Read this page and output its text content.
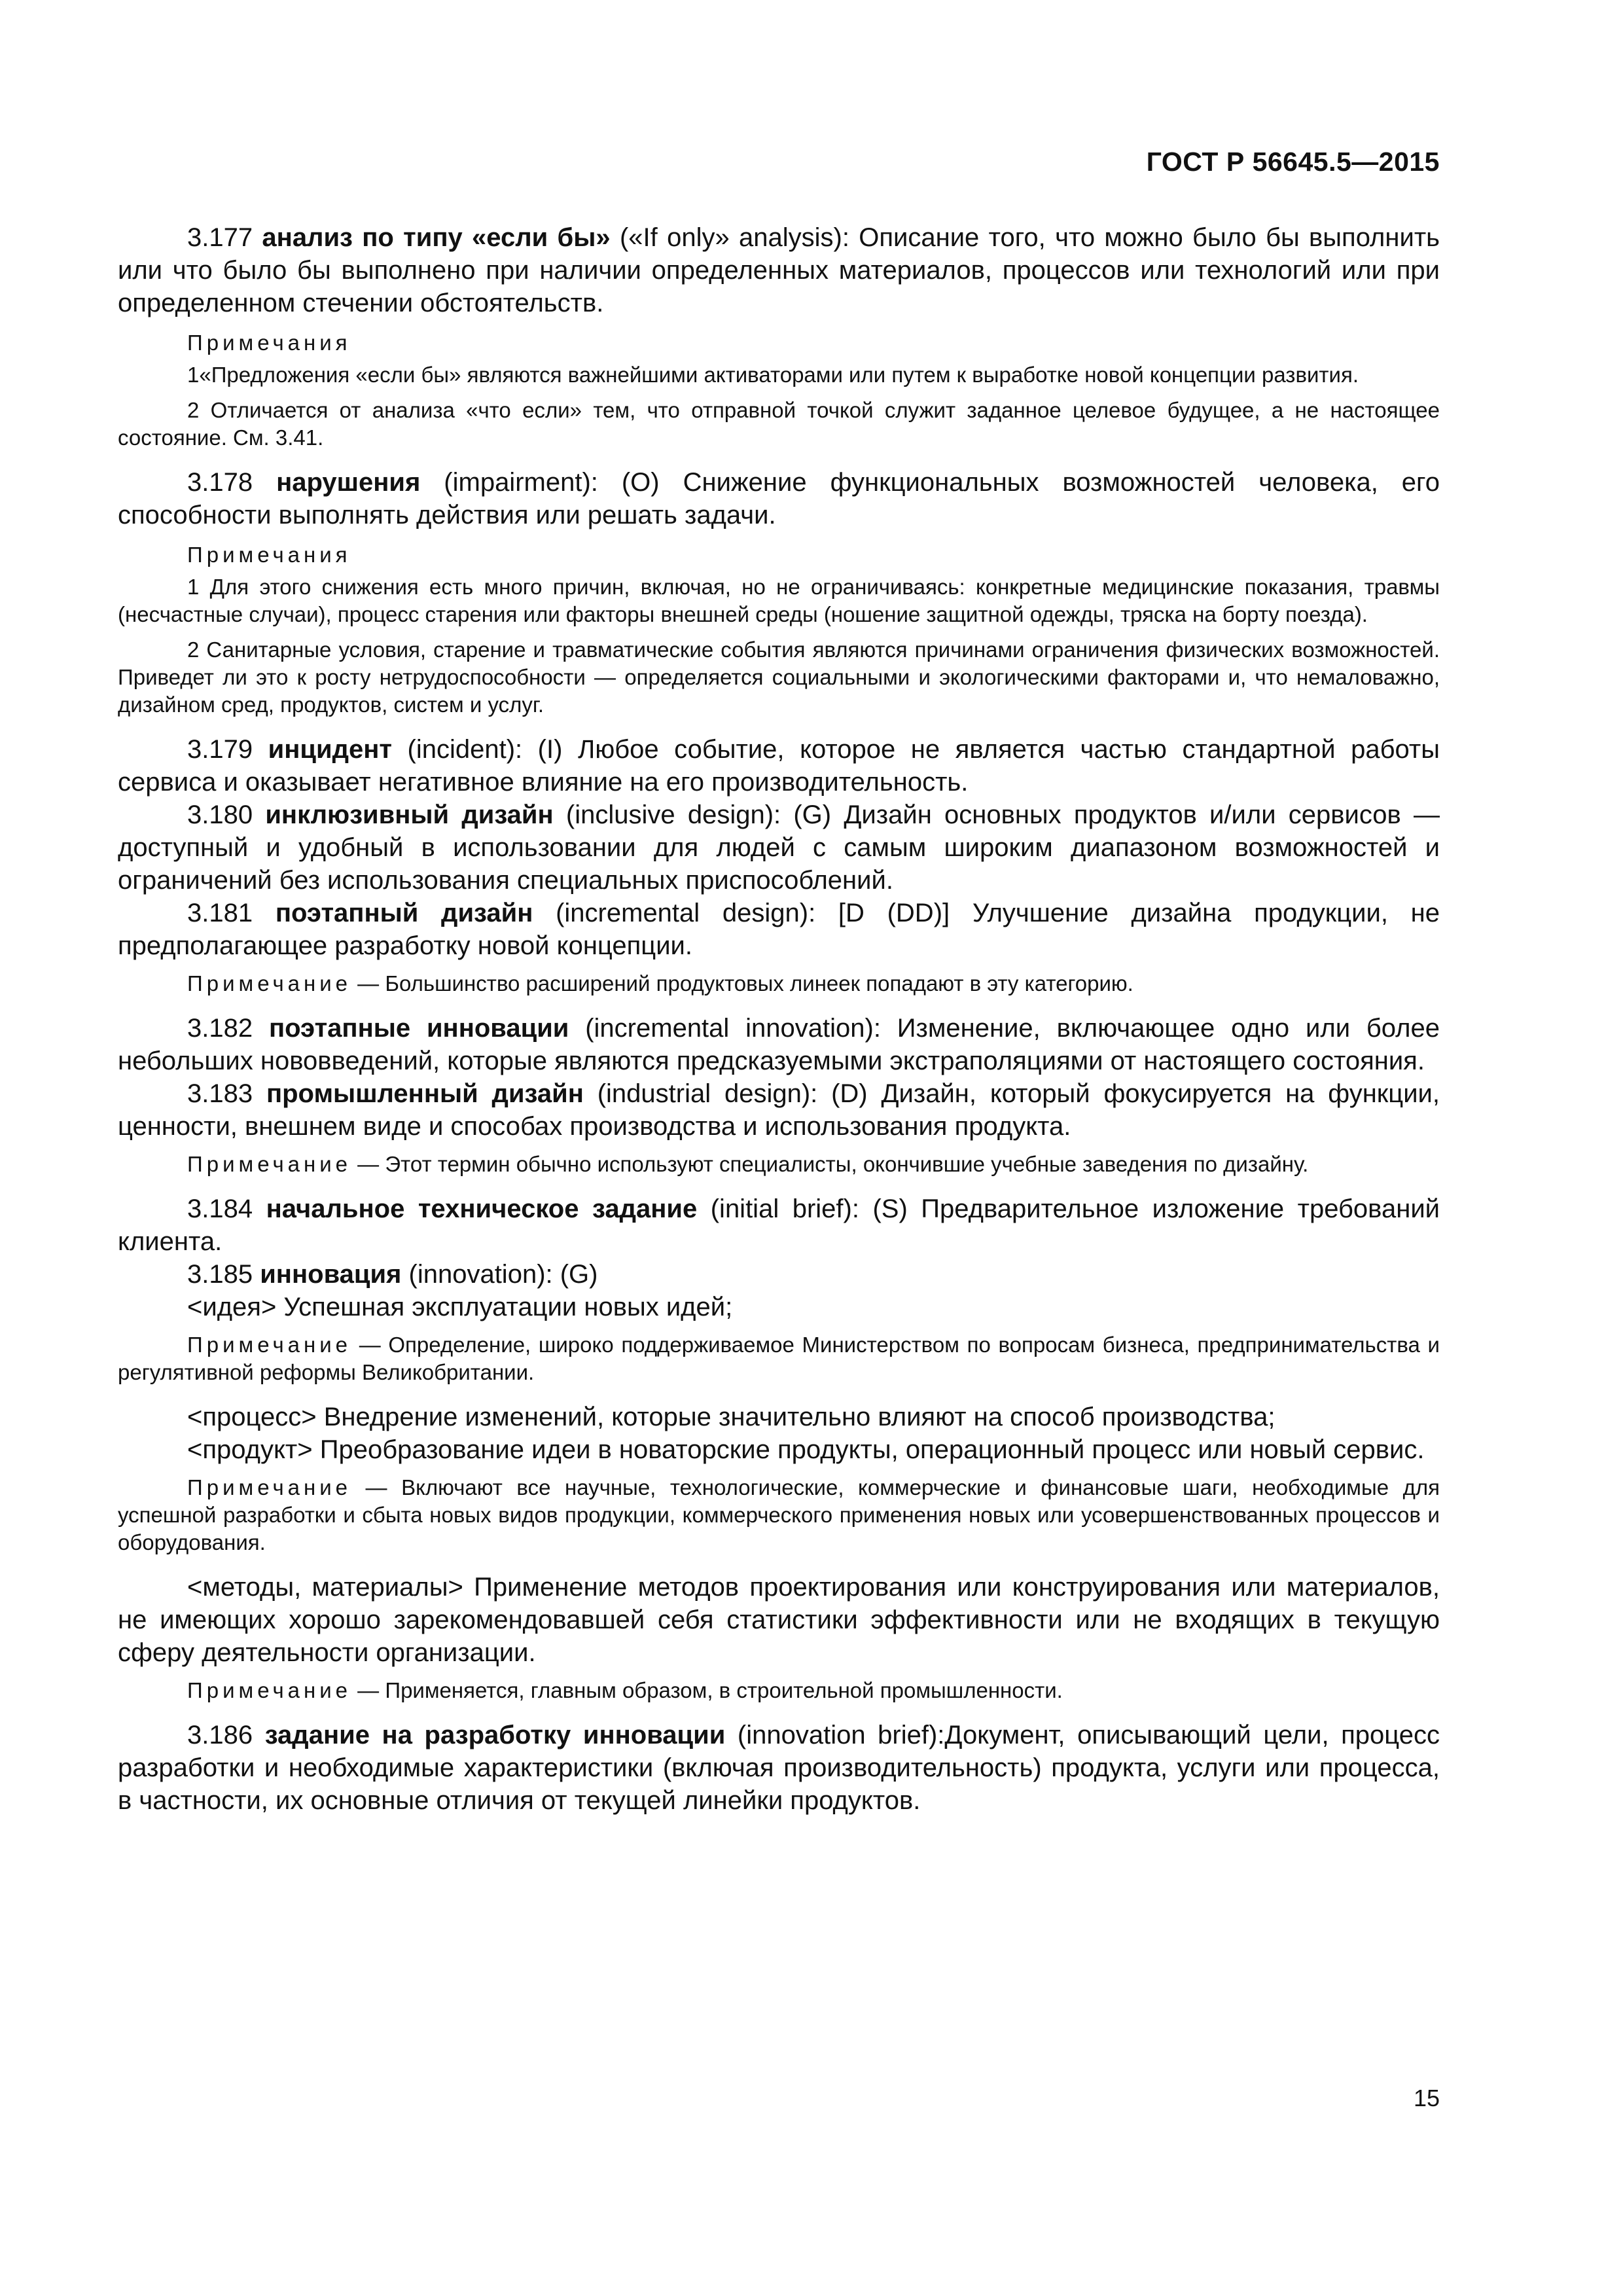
ГОСТ Р 56645.5—2015

3.177 анализ по типу «если бы» («If only» analysis): Описание того, что можно было бы выполнить или что было бы выполнено при наличии определенных материалов, процессов или технологий или при определенном стечении обстоятельств.

Примечания

1«Предложения «если бы» являются важнейшими активаторами или путем к выработке новой концепции развития.

2 Отличается от анализа «что если» тем, что отправной точкой служит заданное целевое будущее, а не настоящее состояние. См. 3.41.

3.178 нарушения (impairment): (O) Снижение функциональных возможностей человека, его способности выполнять действия или решать задачи.

Примечания

1 Для этого снижения есть много причин, включая, но не ограничиваясь: конкретные медицинские показания, травмы (несчастные случаи), процесс старения или факторы внешней среды (ношение защитной одежды, тряска на борту поезда).

2 Санитарные условия, старение и травматические события являются причинами ограничения физических возможностей. Приведет ли это к росту нетрудоспособности — определяется социальными и экологическими факторами и, что немаловажно, дизайном сред, продуктов, систем и услуг.

3.179 инцидент (incident): (I) Любое событие, которое не является частью стандартной работы сервиса и оказывает негативное влияние на его производительность.

3.180 инклюзивный дизайн (inclusive design): (G) Дизайн основных продуктов и/или сервисов — доступный и удобный в использовании для людей с самым широким диапазоном возможностей и ограничений без использования специальных приспособлений.

3.181 поэтапный дизайн (incremental design): [D (DD)] Улучшение дизайна продукции, не предполагающее разработку новой концепции.

Примечание — Большинство расширений продуктовых линеек попадают в эту категорию.

3.182 поэтапные инновации (incremental innovation): Изменение, включающее одно или более небольших нововведений, которые являются предсказуемыми экстраполяциями от настоящего состояния.

3.183 промышленный дизайн (industrial design): (D) Дизайн, который фокусируется на функции, ценности, внешнем виде и способах производства и использования продукта.

Примечание — Этот термин обычно используют специалисты, окончившие учебные заведения по дизайну.

3.184 начальное техническое задание (initial brief): (S) Предварительное изложение требований клиента.

3.185 инновация (innovation): (G)

<идея> Успешная эксплуатации новых идей;

Примечание — Определение, широко поддерживаемое Министерством по вопросам бизнеса, предпринимательства и регулятивной реформы Великобритании.

<процесс> Внедрение изменений, которые значительно влияют на способ производства;

<продукт> Преобразование идеи в новаторские продукты, операционный процесс или новый сервис.

Примечание — Включают все научные, технологические, коммерческие и финансовые шаги, необходимые для успешной разработки и сбыта новых видов продукции, коммерческого применения новых или усовершенствованных процессов и оборудования.

<методы, материалы> Применение методов проектирования или конструирования или материалов, не имеющих хорошо зарекомендовавшей себя статистики эффективности или не входящих в текущую сферу деятельности организации.

Примечание — Применяется, главным образом, в строительной промышленности.

3.186 задание на разработку инновации (innovation brief):Документ, описывающий цели, процесс разработки и необходимые характеристики (включая производительность) продукта, услуги или процесса, в частности, их основные отличия от текущей линейки продуктов.

15
